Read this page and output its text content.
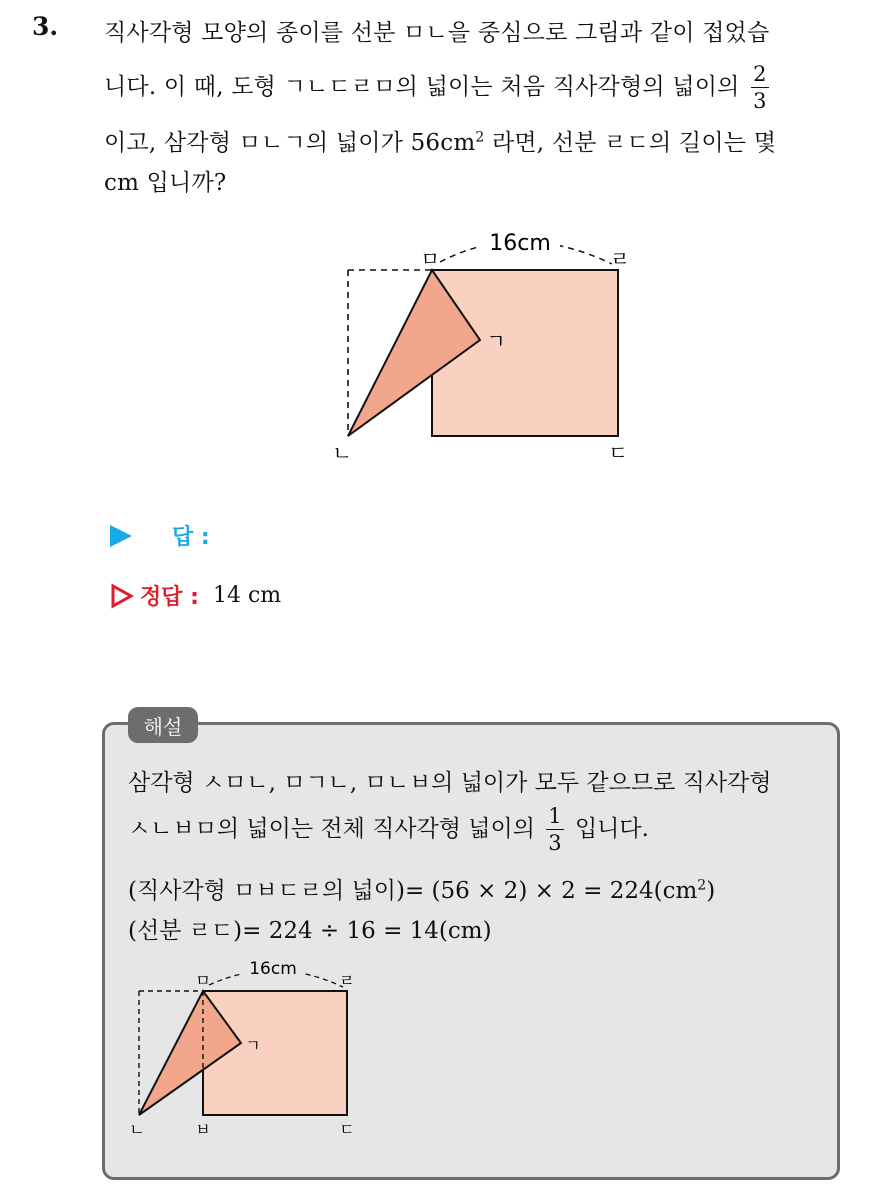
3. 직사각형 모양의 종이를 선분 ㅁㄴ을 중심으로 그림과 같이 접었습
니다. 이 때, 도형 ㄱㄴㄷㄹㅁ의 넓이는 처음 직사각형의 넓이의 $\frac{2}{3}$
이고, 삼각형 ㅁㄴㄱ의 넓이가 $56cm^2$ 라면, 선분 ㄹㄷ의 길이는 몇
cm 입니까?
16cm
ㅁ	ㄹ
ㄱ
ㄴ	ㄷ
답 :
정답 : 14 cm
해설
삼각형 ㅅㅁㄴ, ㅁㄱㄴ, ㅁㄴㅂ의 넓이가 모두 같으므로 직사각형
ㅅㄴㅂㅁ의 넓이는 전체 직사각형 넓이의 $\frac{1}{3}$ 입니다.
(직사각형 ㅁㅂㄷㄹ의 넓이)= $(56 \times 2) \times 2 = 224(cm^2)$
(선분 ㄹㄷ)= 224 ÷ 16 = 14(cm)
16cm
ㅁ	ㄹ
ㄱ
ㄴ	ㅂ	ㄷ
